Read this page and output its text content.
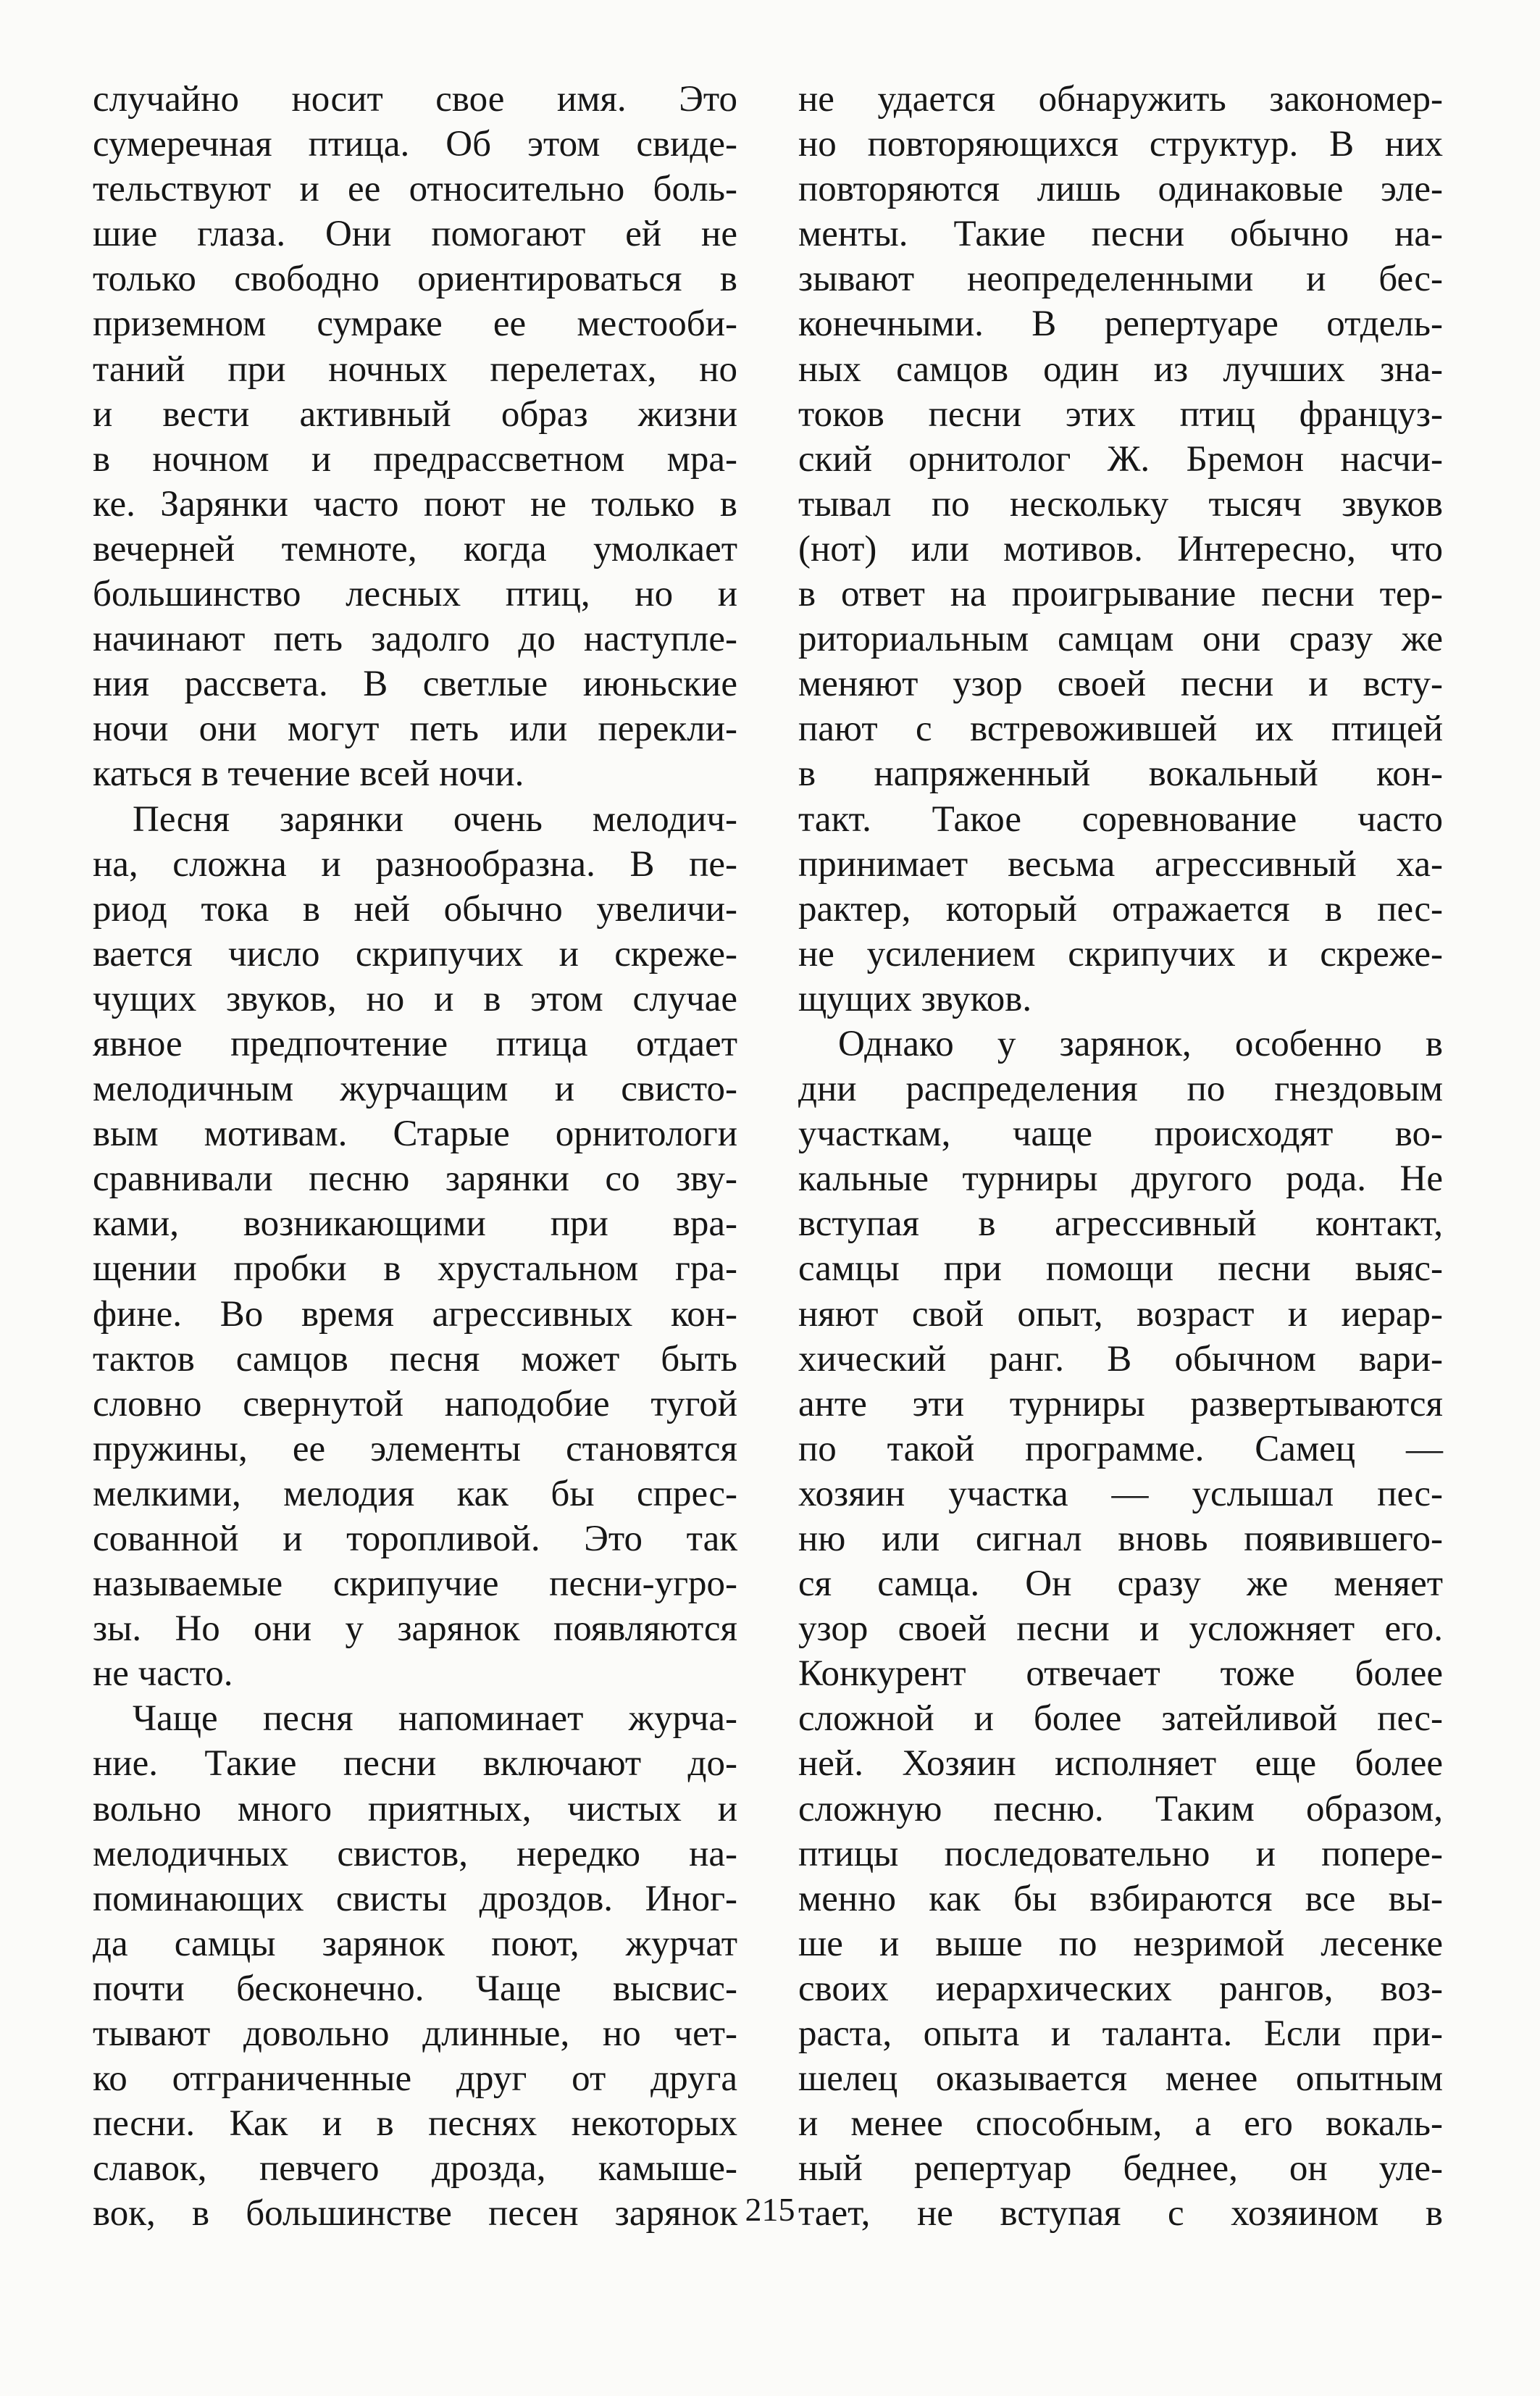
случайно носит свое имя. Это
сумеречная птица. Об этом свиде-
тельствуют и ее относительно боль-
шие глаза. Они помогают ей не
только свободно ориентироваться в
приземном сумраке ее местооби-
таний при ночных перелетах, но
и вести активный образ жизни
в ночном и предрассветном мра-
ке. Зарянки часто поют не только в
вечерней темноте, когда умолкает
большинство лесных птиц, но и
начинают петь задолго до наступле-
ния рассвета. В светлые июньские
ночи они могут петь или перекли-
каться в течение всей ночи.
Песня зарянки очень мелодич-
на, сложна и разнообразна. В пе-
риод тока в ней обычно увеличи-
вается число скрипучих и скреже-
чущих звуков, но и в этом случае
явное предпочтение птица отдает
мелодичным журчащим и свисто-
вым мотивам. Старые орнитологи
сравнивали песню зарянки со зву-
ками, возникающими при вра-
щении пробки в хрустальном гра-
фине. Во время агрессивных кон-
тактов самцов песня может быть
словно свернутой наподобие тугой
пружины, ее элементы становятся
мелкими, мелодия как бы спрес-
сованной и торопливой. Это так
называемые скрипучие песни-угро-
зы. Но они у зарянок появляются
не часто.
Чаще песня напоминает журча-
ние. Такие песни включают до-
вольно много приятных, чистых и
мелодичных свистов, нередко на-
поминающих свисты дроздов. Иног-
да самцы зарянок поют, журчат
почти бесконечно. Чаще высвис-
тывают довольно длинные, но чет-
ко отграниченные друг от друга
песни. Как и в песнях некоторых
славок, певчего дрозда, камыше-
вок, в большинстве песен зарянок
не удается обнаружить закономер-
но повторяющихся структур. В них
повторяются лишь одинаковые эле-
менты. Такие песни обычно на-
зывают неопределенными и бес-
конечными. В репертуаре отдель-
ных самцов один из лучших зна-
токов песни этих птиц француз-
ский орнитолог Ж. Бремон насчи-
тывал по нескольку тысяч звуков
(нот) или мотивов. Интересно, что
в ответ на проигрывание песни тер-
риториальным самцам они сразу же
меняют узор своей песни и всту-
пают с встревожившей их птицей
в напряженный вокальный кон-
такт. Такое соревнование часто
принимает весьма агрессивный ха-
рактер, который отражается в пес-
не усилением скрипучих и скреже-
щущих звуков.
Однако у зарянок, особенно в
дни распределения по гнездовым
участкам, чаще происходят во-
кальные турниры другого рода. Не
вступая в агрессивный контакт,
самцы при помощи песни выяс-
няют свой опыт, возраст и иерар-
хический ранг. В обычном вари-
анте эти турниры развертываются
по такой программе. Самец —
хозяин участка — услышал пес-
ню или сигнал вновь появившего-
ся самца. Он сразу же меняет
узор своей песни и усложняет его.
Конкурент отвечает тоже более
сложной и более затейливой пес-
ней. Хозяин исполняет еще более
сложную песню. Таким образом,
птицы последовательно и попере-
менно как бы взбираются все вы-
ше и выше по незримой лесенке
своих иерархических рангов, воз-
раста, опыта и таланта. Если при-
шелец оказывается менее опытным
и менее способным, а его вокаль-
ный репертуар беднее, он уле-
тает, не вступая с хозяином в
215
